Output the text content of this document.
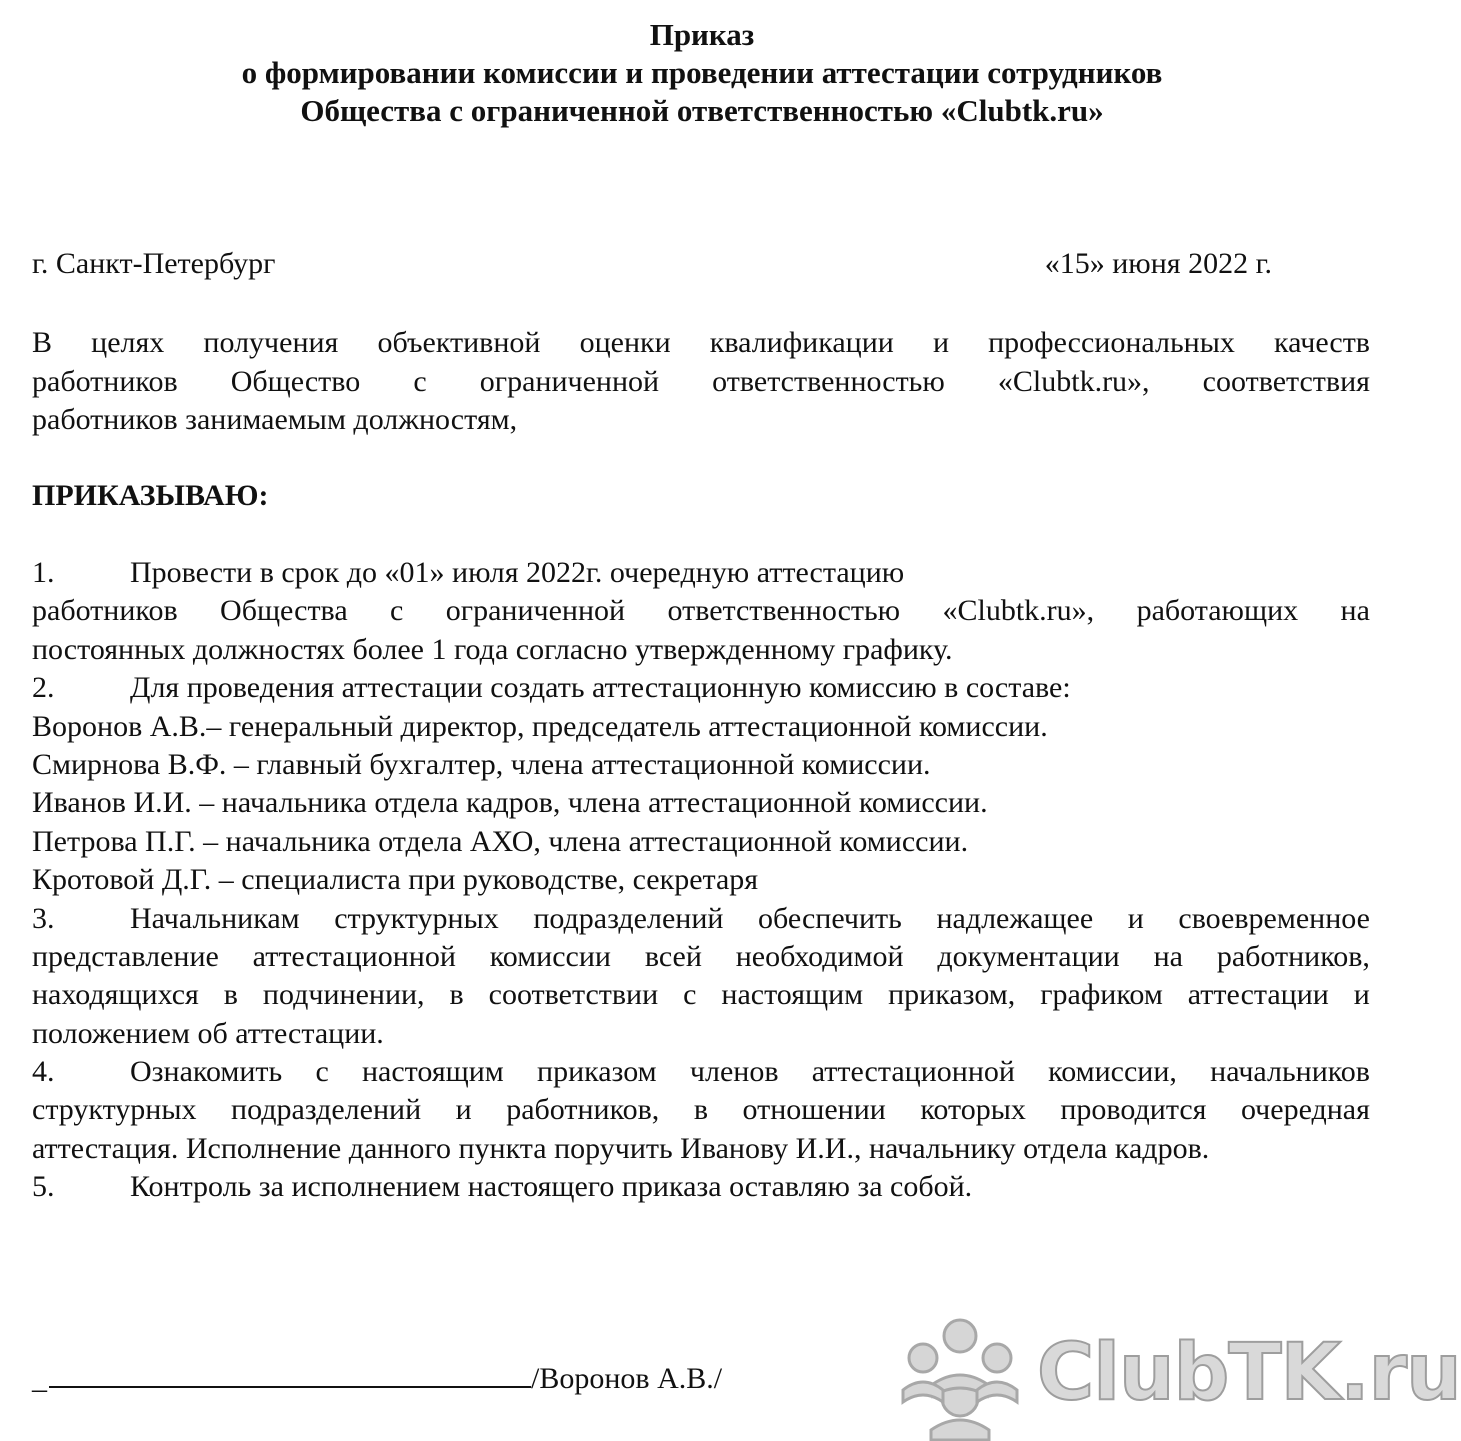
Приказ
о формировании комиссии и проведении аттестации сотрудников
Общества с ограниченной ответственностью «Clubtk.ru»
г. Санкт-Петербург	«15» июня 2022 г.
В целях получения объективной оценки квалификации и профессиональных качеств
работников Общество с ограниченной ответственностью «Clubtk.ru», соответствия
работников занимаемым должностям,
ПРИКАЗЫВАЮ:
1.	Провести в срок до «01» июля 2022г. очередную аттестацию
работников Общества с ограниченной ответственностью «Clubtk.ru», работающих на
постоянных должностях более 1 года согласно утвержденному графику.
2.	Для проведения аттестации создать аттестационную комиссию в составе:
Воронов А.В.– генеральный директор, председатель аттестационной комиссии.
Смирнова В.Ф. – главный бухгалтер, члена аттестационной комиссии.
Иванов И.И. – начальника отдела кадров, члена аттестационной комиссии.
Петрова П.Г. – начальника отдела АХО, члена аттестационной комиссии.
Кротовой Д.Г. – специалиста при руководстве, секретаря
3.	Начальникам структурных подразделений обеспечить надлежащее и своевременное
представление аттестационной комиссии всей необходимой документации на работников,
находящихся в подчинении, в соответствии с настоящим приказом, графиком аттестации и
положением об аттестации.
4.	Ознакомить с настоящим приказом членов аттестационной комиссии, начальников
структурных подразделений и работников, в отношении которых проводится очередная
аттестация. Исполнение данного пункта поручить Иванову И.И., начальнику отдела кадров.
5.	Контроль за исполнением настоящего приказа оставляю за собой.
_	/Воронов А.В./	ClubTK.ru
